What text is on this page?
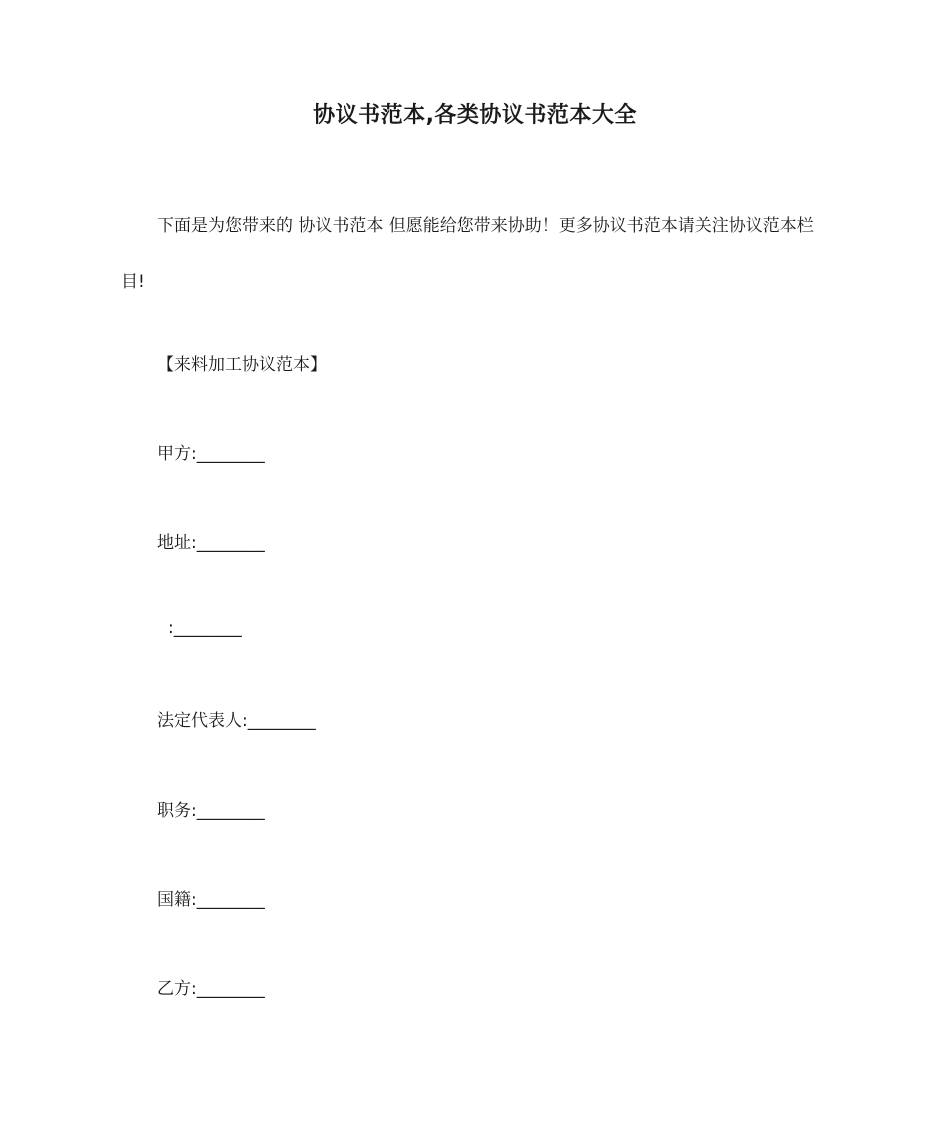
协议书范本,各类协议书范本大全
下面是为您带来的 协议书范本 但愿能给您带来协助！更多协议书范本请关注协议范本栏目!
【来料加工协议范本】
甲方:________
地址:________
:________
法定代表人:________
职务:________
国籍:________
乙方:________
